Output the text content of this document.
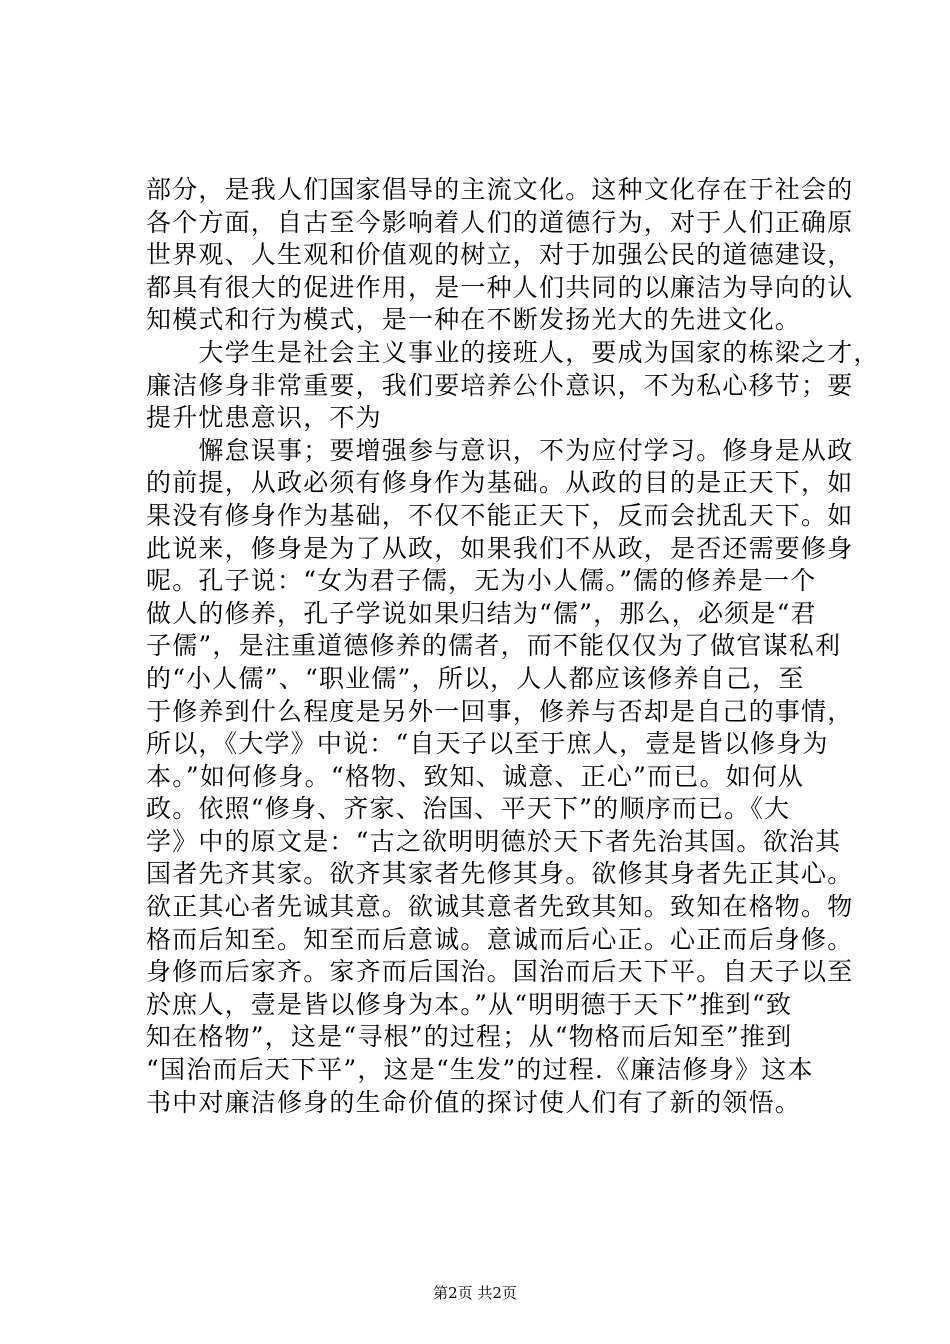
部分，是我人们国家倡导的主流文化。这种文化存在于社会的
各个方面，自古至今影响着人们的道德行为，对于人们正确原
世界观、人生观和价值观的树立，对于加强公民的道德建设，
都具有很大的促进作用，是一种人们共同的以廉洁为导向的认
知模式和行为模式，是一种在不断发扬光大的先进文化。
　　大学生是社会主义事业的接班人，要成为国家的栋梁之才，
廉洁修身非常重要，我们要培养公仆意识，不为私心移节；要
提升忧患意识，不为
　　懈怠误事；要增强参与意识，不为应付学习。修身是从政
的前提，从政必须有修身作为基础。从政的目的是正天下，如
果没有修身作为基础，不仅不能正天下，反而会扰乱天下。如
此说来，修身是为了从政，如果我们不从政，是否还需要修身
呢。孔子说：“女为君子儒，无为小人儒。”儒的修养是一个
做人的修养，孔子学说如果归结为“儒”，那么，必须是“君
子儒”，是注重道德修养的儒者，而不能仅仅为了做官谋私利
的“小人儒”、“职业儒”，所以，人人都应该修养自己，至
于修养到什么程度是另外一回事，修养与否却是自己的事情，
所以，《大学》中说：“自天子以至于庶人，壹是皆以修身为
本。”如何修身。“格物、致知、诚意、正心”而已。如何从
政。依照“修身、齐家、治国、平天下”的顺序而已。《大
学》中的原文是：“古之欲明明德於天下者先治其国。欲治其
国者先齐其家。欲齐其家者先修其身。欲修其身者先正其心。
欲正其心者先诚其意。欲诚其意者先致其知。致知在格物。物
格而后知至。知至而后意诚。意诚而后心正。心正而后身修。
身修而后家齐。家齐而后国治。国治而后天下平。自天子以至
於庶人，壹是皆以修身为本。”从“明明德于天下”推到“致
知在格物”，这是“寻根”的过程；从“物格而后知至”推到
“国治而后天下平”，这是“生发”的过程.《廉洁修身》这本
书中对廉洁修身的生命价值的探讨使人们有了新的领悟。
第2页 共2页
